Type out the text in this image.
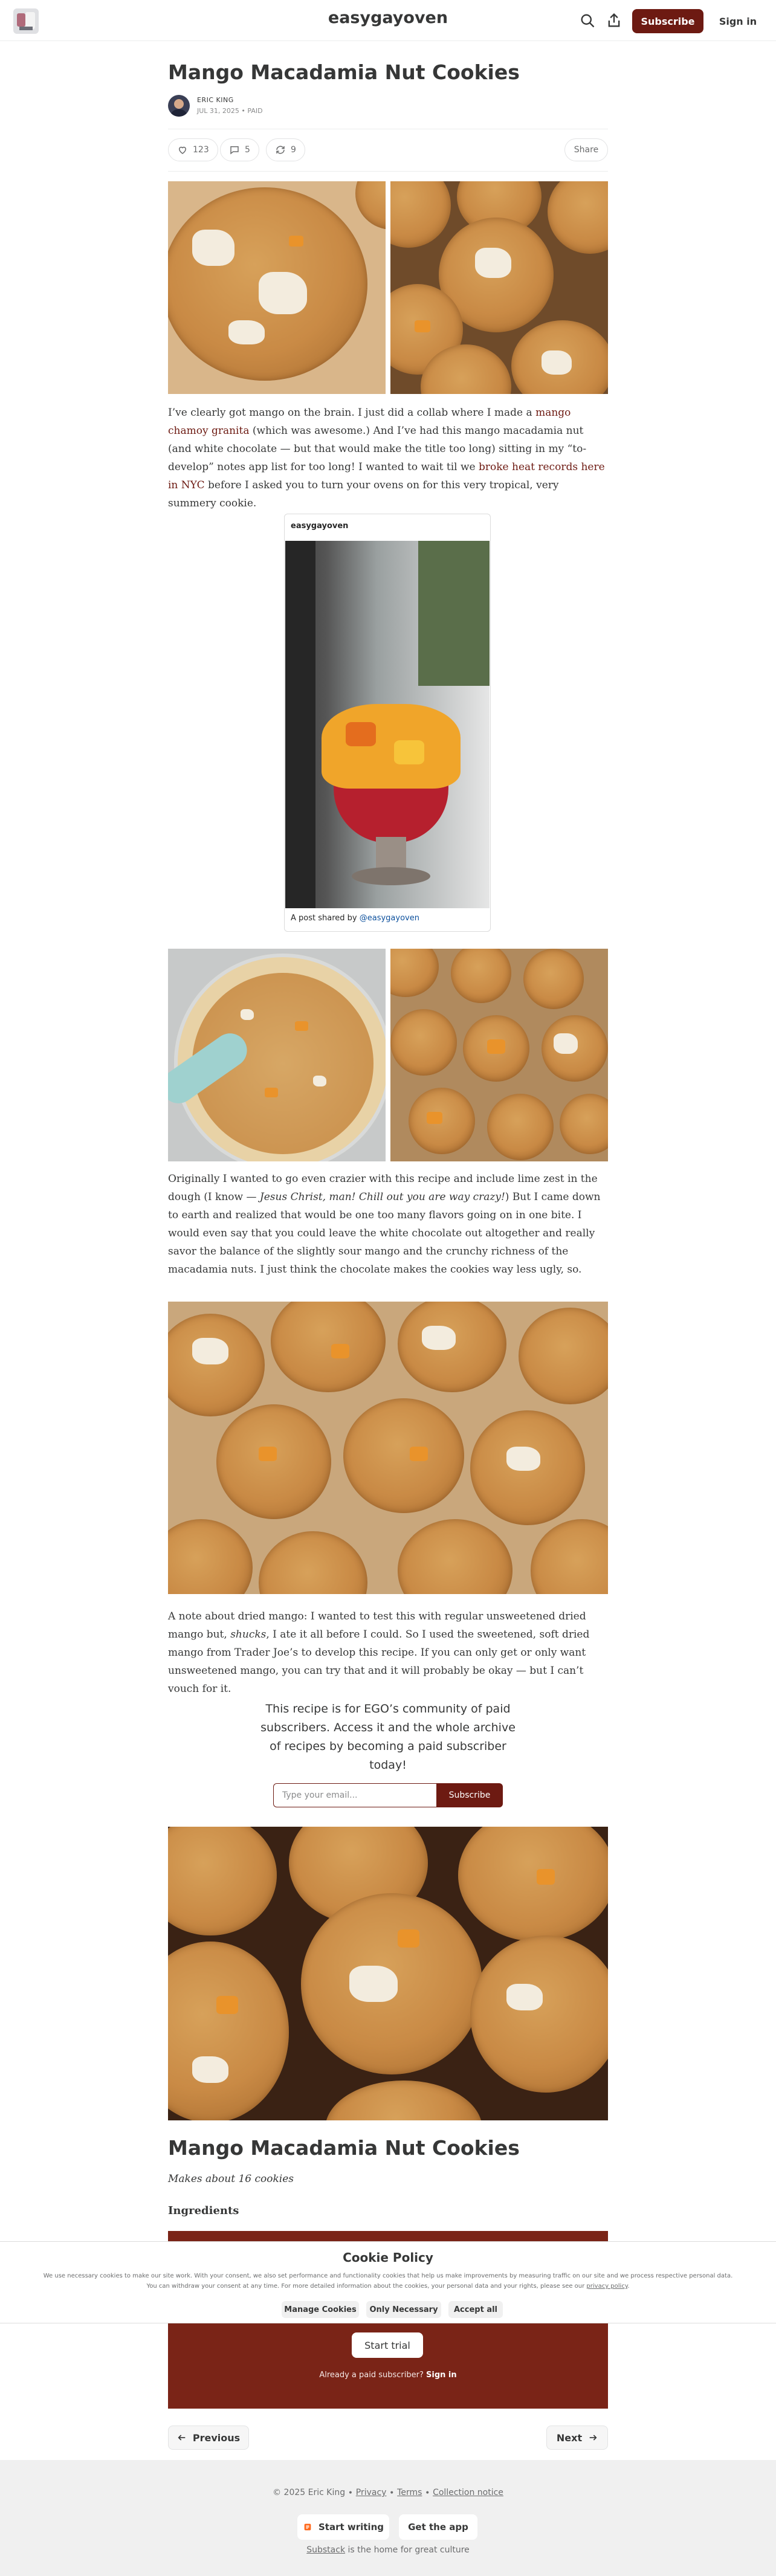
easygayoven	Subscribe	Sign in
Mango Macadamia Nut Cookies
ERIC KING
JUL 31, 2025 • PAID
123	5	9	Share

I’ve clearly got mango on the brain. I just did a collab where I made a mango chamoy granita (which was awesome.) And I’ve had this mango macadamia nut (and white chocolate — but that would make the title too long) sitting in my “to-develop” notes app list for too long! I wanted to wait til we broke heat records here in NYC before I asked you to turn your ovens on for this very tropical, very summery cookie.

easygayoven
A post shared by @easygayoven

Originally I wanted to go even crazier with this recipe and include lime zest in the dough (I know — Jesus Christ, man! Chill out you are way crazy!) But I came down to earth and realized that would be one too many flavors going on in one bite. I would even say that you could leave the white chocolate out altogether and really savor the balance of the slightly sour mango and the crunchy richness of the macadamia nuts. I just think the chocolate makes the cookies way less ugly, so.

A note about dried mango: I wanted to test this with regular unsweetened dried mango but, shucks, I ate it all before I could. So I used the sweetened, soft dried mango from Trader Joe’s to develop this recipe. If you can only get or only want unsweetened mango, you can try that and it will probably be okay — but I can’t vouch for it.

This recipe is for EGO’s community of paid subscribers. Access it and the whole archive of recipes by becoming a paid subscriber today!
Type your email...
Subscribe
Mango Macadamia Nut Cookies
Makes about 16 cookies
Ingredients
Start trial
Already a paid subscriber? Sign in
Cookie Policy
We use necessary cookies to make our site work. With your consent, we also set performance and functionality cookies that help us make improvements by measuring traffic on our site and we process respective personal data.
You can withdraw your consent at any time. For more detailed information about the cookies, your personal data and your rights, please see our privacy policy.
Manage Cookies	Only Necessary	Accept all
Previous	Next
© 2025 Eric King ∙ Privacy ∙ Terms ∙ Collection notice
Start writing	Get the app
Substack is the home for great culture
